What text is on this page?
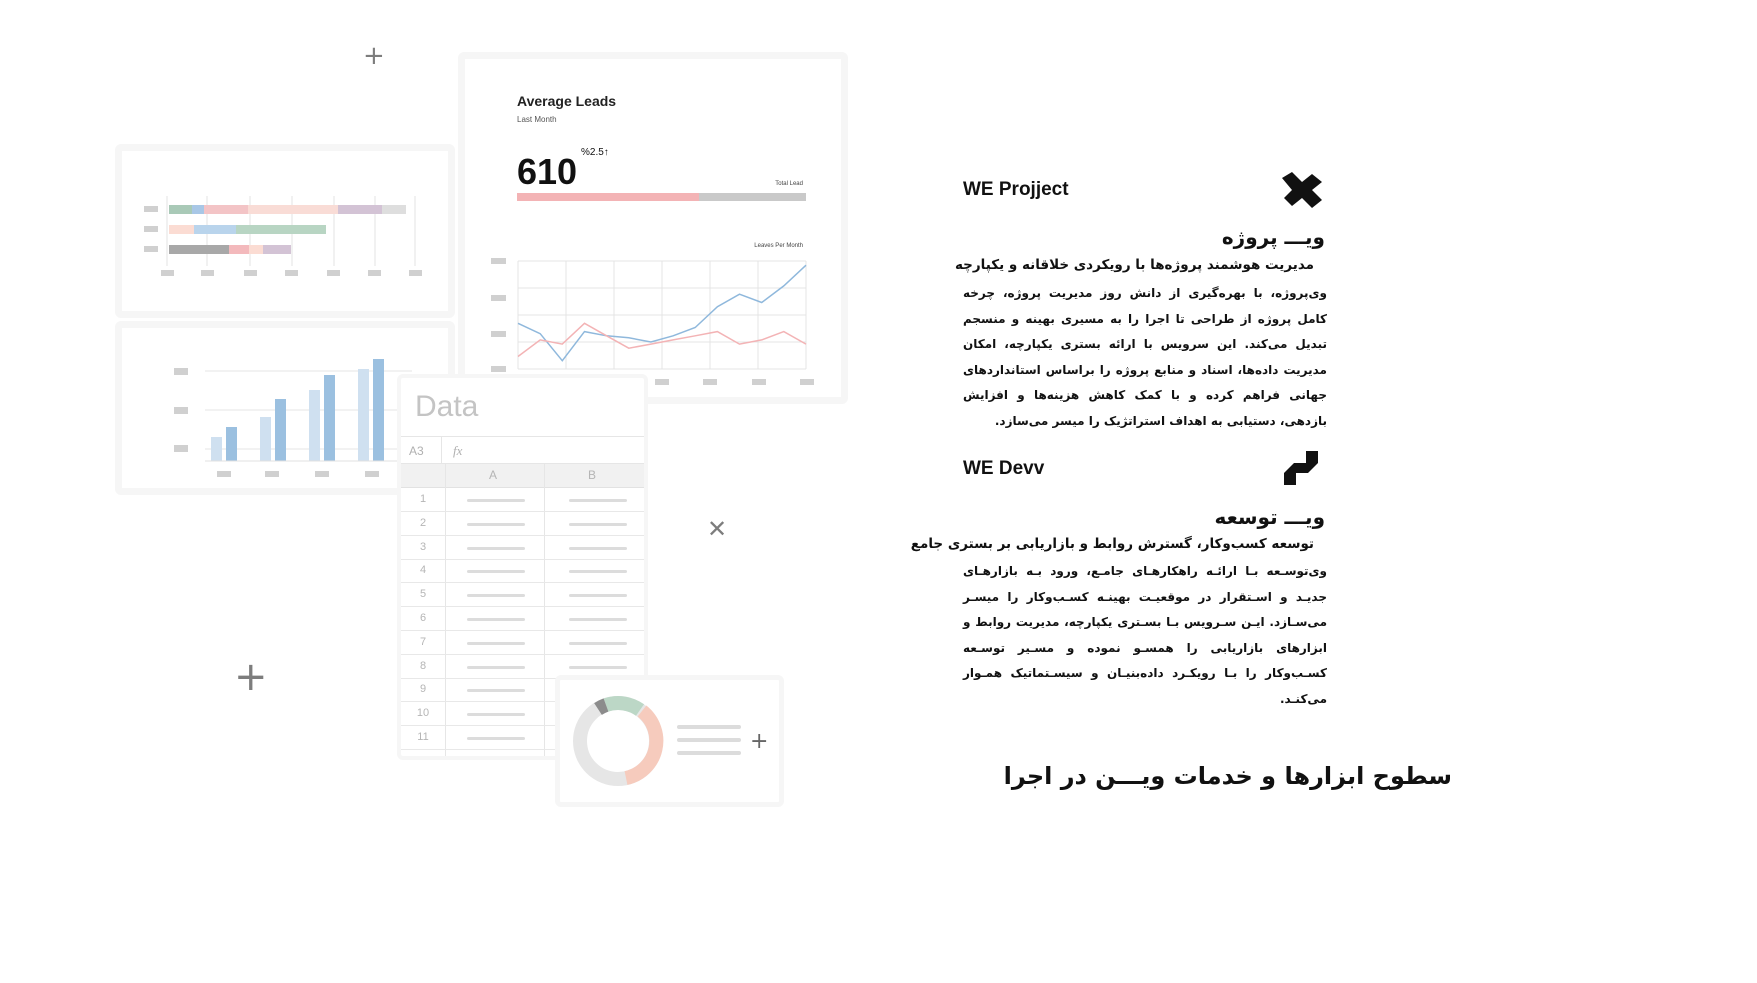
+
+
✕
Average Leads
Last Month
610 %2.5↑
Total Lead
Leaves Per Month
Data
A3 fx
A	B
1
2
3
4
5
6
7
8
9
10
11	+
WE Projject
ویـــ پروژه
مدیریت هوشمند پروژه‌ها با رویکردی خلاقانه و یکپارچه
وی‌پروژه، با بهره‌گیری از دانش روز مدیریت پروژه، چرخه کامل پروژه از طراحی تا اجرا را به مسیری بهینه و منسجم تبدیل می‌کند. این سرویس با ارائه بستری یکپارچه، امکان مدیریت داده‌ها، اسناد و منابع پروژه را براساس استانداردهای جهانی فراهم کرده و با کمک کاهش هزینه‌ها و افزایش بازدهی، دستیابی به اهداف استراتژیک را میسر می‌سازد.
WE Devv
ویـــ توسعه
توسعه کسب‌وکار، گسترش روابط و بازاریابی بر بستری جامع
وی‌توسـعه بـا ارائـه راهکارهـای جامـع، ورود بـه بازارهـای جدیـد و اسـتقرار در موقعیـت بهینـه کسـب‌وکار را میسـر می‌سـازد. ایـن سـرویس بـا بسـتری یکپارچه، مدیریت روابط و ابزارهای بازاریابی را همسـو نموده و مسـیر توسـعه کسـب‌وکار را بـا رویکـرد داده‌بنیـان و سیسـتماتیک همـوار می‌کنـد.
سطوح ابزارها و خدمات ویـــن در اجرا
